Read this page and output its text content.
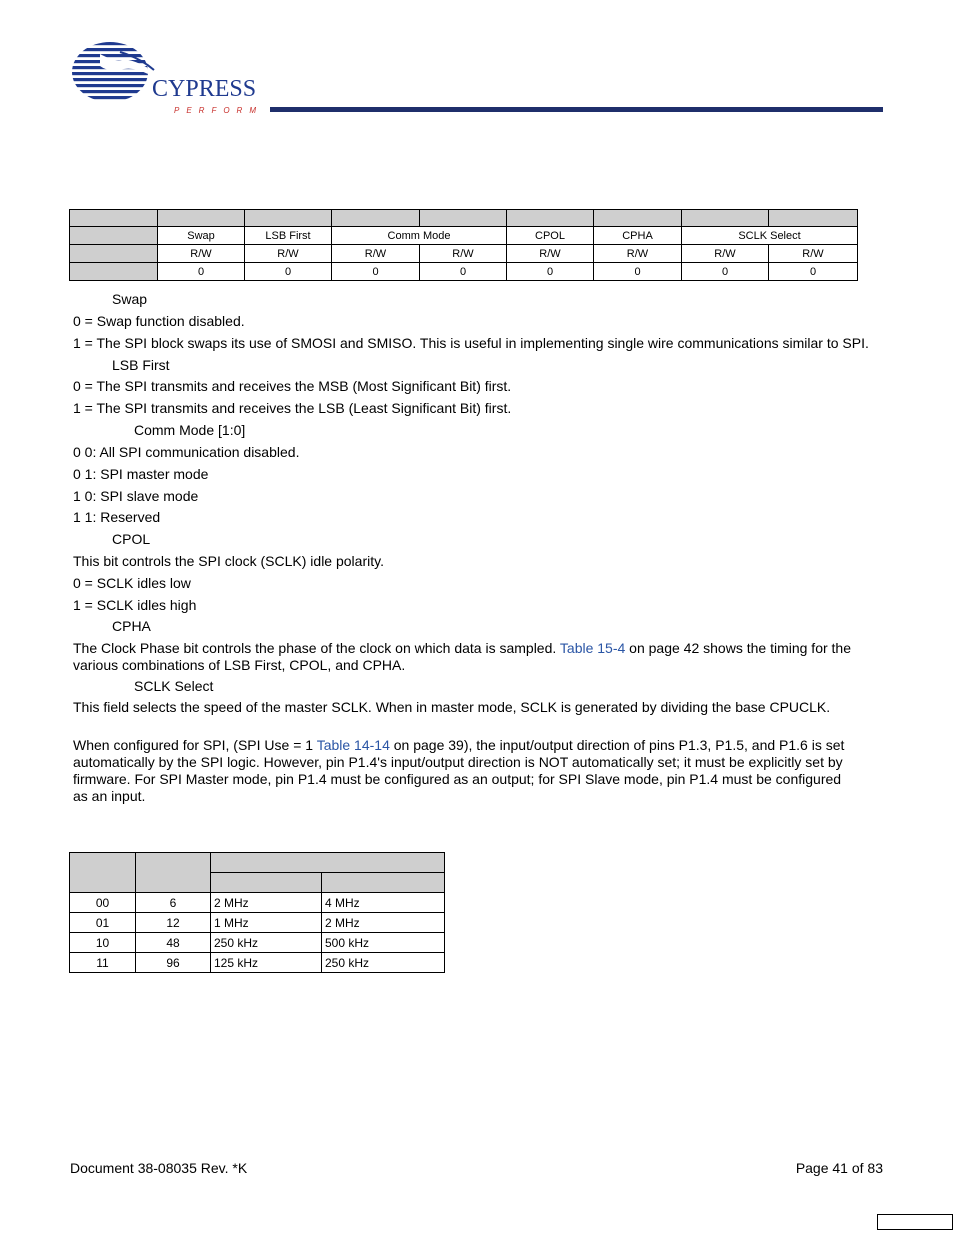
CYPRESS
PERFORM

	Swap	LSB First	Comm Mode		CPOL	CPHA	SCLK Select	
	R/W	R/W	R/W	R/W	R/W	R/W	R/W	R/W
	0	0	0	0	0	0	0	0
Swap
0 = Swap function disabled.
1 = The SPI block swaps its use of SMOSI and SMISO. This is useful in implementing single wire communications similar to SPI.
LSB First
0 = The SPI transmits and receives the MSB (Most Significant Bit) first.
1 = The SPI transmits and receives the LSB (Least Significant Bit) first.
Comm Mode [1:0]
0 0: All SPI communication disabled.
0 1: SPI master mode
1 0: SPI slave mode
1 1: Reserved
CPOL
This bit controls the SPI clock (SCLK) idle polarity.
0 = SCLK idles low
1 = SCLK idles high
CPHA
The Clock Phase bit controls the phase of the clock on which data is sampled. Table 15-4 on page 42 shows the timing for the various combinations of LSB First, CPOL, and CPHA.
SCLK Select
This field selects the speed of the master SCLK. When in master mode, SCLK is generated by dividing the base CPUCLK.
When configured for SPI, (SPI Use = 1 Table 14-14 on page 39), the input/output direction of pins P1.3, P1.5, and P1.6 is set automatically by the SPI logic. However, pin P1.4's input/output direction is NOT automatically set; it must be explicitly set by firmware. For SPI Master mode, pin P1.4 must be configured as an output; for SPI Slave mode, pin P1.4 must be configured as an input.

00	6	2 MHz	4 MHz
01	12	1 MHz	2 MHz
10	48	250 kHz	500 kHz
11	96	125 kHz	250 kHz
Document 38-08035 Rev. *K	Page 41 of 83
